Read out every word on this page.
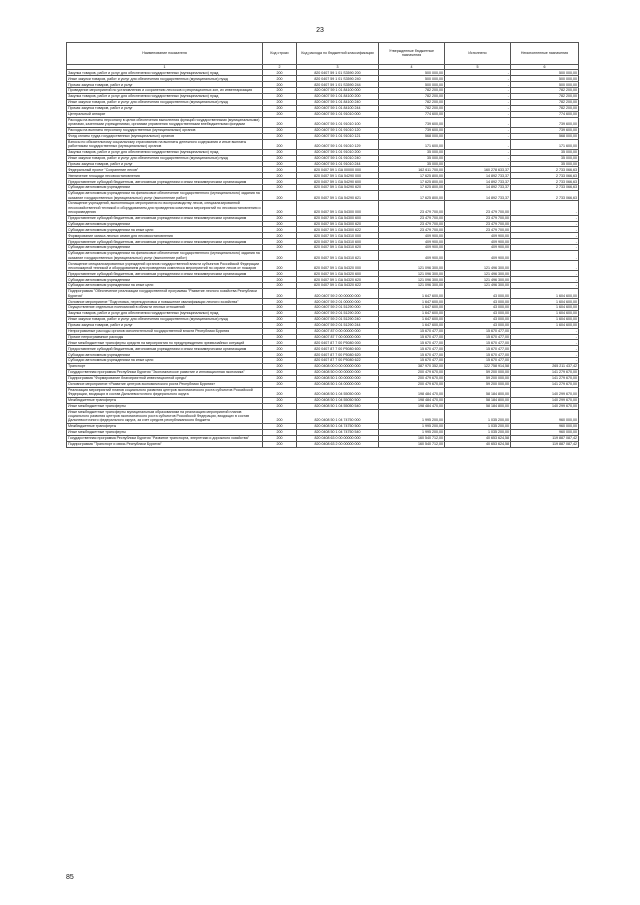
23
Наименование показателя	Код строки	Код расхода по бюджетной классификации	Утвержденные бюджетные назначения	Исполнено	Неисполненные назначения
1	2	3	4	5	6
Закупка товаров, работ и услуг для обеспечения государственных (муниципальных) нужд	200	820 0407 59 1 01 S3590 200	500 000,00	-	500 000,00
Иные закупки товаров, работ и услуг для обеспечения государственных (муниципальных) нужд	200	820 0407 59 1 01 S3590 240	500 000,00	-	500 000,00
Прочая закупка товаров, работ и услуг	200	820 0407 59 1 01 S3590 244	500 000,00	-	500 000,00
Проведение мероприятий по установлению и сохранению лесхозов и рекреационных зон, их инвентаризация	200	820 0407 59 1 01 84100 000	782 200,00	-	782 200,00
Закупка товаров, работ и услуг для обеспечения государственных (муниципальных) нужд	200	820 0407 59 1 01 84100 200	782 200,00	-	782 200,00
Иные закупки товаров, работ и услуг для обеспечения государственных (муниципальных) нужд	200	820 0407 59 1 01 84100 240	782 200,00	-	782 200,00
Прочая закупка товаров, работ и услуг	200	820 0407 59 1 01 84100 244	782 200,00	-	782 200,00
Центральный аппарат	200	820 0407 59 1 01 91010 000	774 600,00	-	774 600,00
Расходы на выплаты персоналу в целях обеспечения выполнения функций государственными (муниципальными) органами, казенными учреждениями, органами управления государственными внебюджетными фондами	200	820 0407 59 1 01 91010 100	739 600,00	-	739 600,00
Расходы на выплаты персоналу государственных (муниципальных) органов	200	820 0407 59 1 01 91010 120	739 600,00	-	739 600,00
Фонд оплаты труда государственных (муниципальных) органов	200	820 0407 59 1 01 91010 121	568 000,00	-	568 000,00
Взносы по обязательному социальному страхованию на выплаты денежного содержания и иные выплаты работникам государственных (муниципальных) органов	200	820 0407 59 1 01 91010 129	171 600,00	-	171 600,00
Закупка товаров, работ и услуг для обеспечения государственных (муниципальных) нужд	200	820 0407 59 1 01 91010 200	35 000,00	-	35 000,00
Иные закупки товаров, работ и услуг для обеспечения государственных (муниципальных) нужд	200	820 0407 59 1 01 91010 240	35 000,00	-	35 000,00
Прочая закупка товаров, работ и услуг	200	820 0407 59 1 01 91010 244	35 000,00	-	35 000,00
Федеральный проект "Сохранение лесов"	200	820 0407 59 1 GA 00000 000	162 611 700,00	160 278 633,37	2 733 066,63
Увеличение площади лесовосстановления	200	820 0407 59 1 GA 54290 000	17 625 800,00	14 892 733,37	2 733 066,63
Предоставление субсидий бюджетным, автономным учреждениям и иным некоммерческим организациям	200	820 0407 59 1 GA 54290 600	17 625 800,00	14 892 733,37	2 733 066,63
Субсидии автономным учреждениям	200	820 0407 59 1 GA 54290 620	17 625 800,00	14 892 733,37	2 733 066,63
Субсидии автономным учреждениям на финансовое обеспечение государственного (муниципального) задания на оказание государственных (муниципальных) услуг (выполнение работ)	200	820 0407 59 1 GA 54290 621	17 625 800,00	14 892 733,37	2 733 066,63
Оснащение учреждений, выполняющих мероприятия по воспроизводству лесов, специализированной лесохозяйственной техникой и оборудованием для проведения комплекса мероприятий по лесовосстановлению и лесоразведению	200	820 0407 59 1 GA 54300 000	23 479 700,00	23 479 700,00	-
Предоставление субсидий бюджетным, автономным учреждениям и иным некоммерческим организациям	200	820 0407 59 1 GA 54300 600	23 479 700,00	23 479 700,00	-
Субсидии автономным учреждениям	200	820 0407 59 1 GA 54300 620	23 479 700,00	23 479 700,00	-
Субсидии автономным учреждениям на иные цели	200	820 0407 59 1 GA 54300 622	23 479 700,00	23 479 700,00	-
Формирование запаса лесных семян для лесовосстановления	200	820 0407 59 1 GA 54310 000	409 900,00	409 900,00	-
Предоставление субсидий бюджетным, автономным учреждениям и иным некоммерческим организациям	200	820 0407 59 1 GA 54310 600	409 900,00	409 900,00	-
Субсидии автономным учреждениям	200	820 0407 59 1 GA 54310 620	409 900,00	409 900,00	-
Субсидии автономным учреждениям на финансовое обеспечение государственного (муниципального) задания на оказание государственных (муниципальных) услуг (выполнение работ)	200	820 0407 59 1 GA 54310 621	409 900,00	409 900,00	-
Оснащение специализированных учреждений органов государственной власти субъектов Российской Федерации лесопожарной техникой и оборудованием для проведения комплекса мероприятий по охране лесов от пожаров	200	820 0407 59 1 GA 54320 000	121 096 300,00	121 496 300,00	-
Предоставление субсидий бюджетным, автономным учреждениям и иным некоммерческим организациям	200	820 0407 59 1 GA 54320 600	121 096 300,00	121 496 300,00	-
Субсидии автономным учреждениям	200	820 0407 59 1 GA 54320 620	121 096 300,00	121 496 300,00	-
Субсидии автономным учреждениям на иные цели	200	820 0407 59 1 GA 54320 622	121 096 300,00	121 496 300,00	-
Подпрограмма "Обеспечение реализации государственной программы "Развитие лесного хозяйства Республики Бурятия"	200	820 0407 59 2 00 00000 000	1 647 600,00	43 000,00	1 604 600,00
Основное мероприятие "Подготовка, переподготовка и повышение квалификации лесного хозяйства"	200	820 0407 59 2 01 00000 000	1 647 600,00	43 000,00	1 604 600,00
Осуществление отдельных полномочий в области лесных отношений	200	820 0407 59 2 01 51290 000	1 647 600,00	43 000,00	1 604 600,00
Закупка товаров, работ и услуг для обеспечения государственных (муниципальных) нужд	200	820 0407 59 2 01 51290 200	1 647 600,00	43 000,00	1 604 600,00
Иные закупки товаров, работ и услуг для обеспечения государственных (муниципальных) нужд	200	820 0407 59 2 01 51290 240	1 647 600,00	43 000,00	1 604 600,00
Прочая закупка товаров, работ и услуг	200	820 0407 59 2 01 51290 244	1 647 600,00	43 000,00	1 604 600,00
Непрограммные расходы органов исполнительной государственной власти Республики Бурятия	200	820 0407 87 0 00 00000 000	15 670 477,00	15 670 477,00	-
Прочие непрограммные расходы	200	820 0407 87 7 00 00000 000	15 670 477,00	15 670 477,00	-
Иные межбюджетные трансферты средств на мероприятия по предупреждению чрезвычайных ситуаций	200	820 0407 87 7 00 P5080 000	15 670 477,00	15 670 477,00	-
Предоставление субсидий бюджетным, автономным учреждениям и иным некоммерческим организациям	200	820 0407 87 7 00 P5080 600	15 670 477,00	15 670 477,00	-
Субсидии автономным учреждениям	200	820 0407 87 7 00 P5080 620	15 670 477,00	15 670 477,00	-
Субсидии автономным учреждениям на иные цели	200	820 0407 87 7 00 P5080 622	15 670 477,00	15 670 477,00	-
Транспорт	200	820 0408 00 0 00 00000 000	387 970 352,00	122 758 914,58	265 211 437,42
Государственная программа Республики Бурятия "Экономическое развитие и инновационная экономика"	200	820 0408 50 0 00 00000 000	200 479 670,00	59 200 000,00	141 279 670,00
Подпрограмма "Формирование благоприятной инвестиционной среды"	200	820 0408 50 1 00 00000 000	200 479 670,00	59 200 000,00	141 279 670,00
Основное мероприятие «Развитие центров экономического роста Республики Бурятия»	200	820 0408 50 1 04 00000 000	200 479 670,00	59 200 000,00	141 279 670,00
Реализация мероприятий планов социального развития центров экономического роста субъектов Российской Федерации, входящих в состав Дальневосточного федерального округа	200	820 0408 50 1 04 55050 000	198 484 470,00	58 184 800,00	140 299 670,00
Межбюджетные трансферты	200	820 0408 50 1 04 55050 500	198 484 470,00	58 184 800,00	140 299 670,00
Иные межбюджетные трансферты	200	820 0408 50 1 04 55050 540	198 484 470,00	58 184 800,00	140 299 670,00
Иные межбюджетные трансферты муниципальным образованиям на реализацию мероприятий планов социального развития центров экономического роста субъектов Российской Федерации, входящих в состав Дальневосточного федерального округа, за счет средств республиканского бюджета	200	820 0408 50 1 04 74750 000	1 995 200,00	1 035 200,00	960 000,00
Межбюджетные трансферты	200	820 0408 50 1 04 74750 500	1 995 200,00	1 035 200,00	960 000,00
Иные межбюджетные трансферты	200	820 0408 50 1 04 74750 540	1 995 200,00	1 035 200,00	960 000,00
Государственная программа Республики Бурятия "Развитие транспорта, энергетики и дорожного хозяйства"	200	820 0408 63 0 00 00000 000	160 540 712,00	40 653 624,58	119 887 087,42
Подпрограмма "Транспорт и связь Республики Бурятия"	200	820 0408 63 2 00 00000 000	160 540 712,00	40 653 624,58	119 887 087,42
85
